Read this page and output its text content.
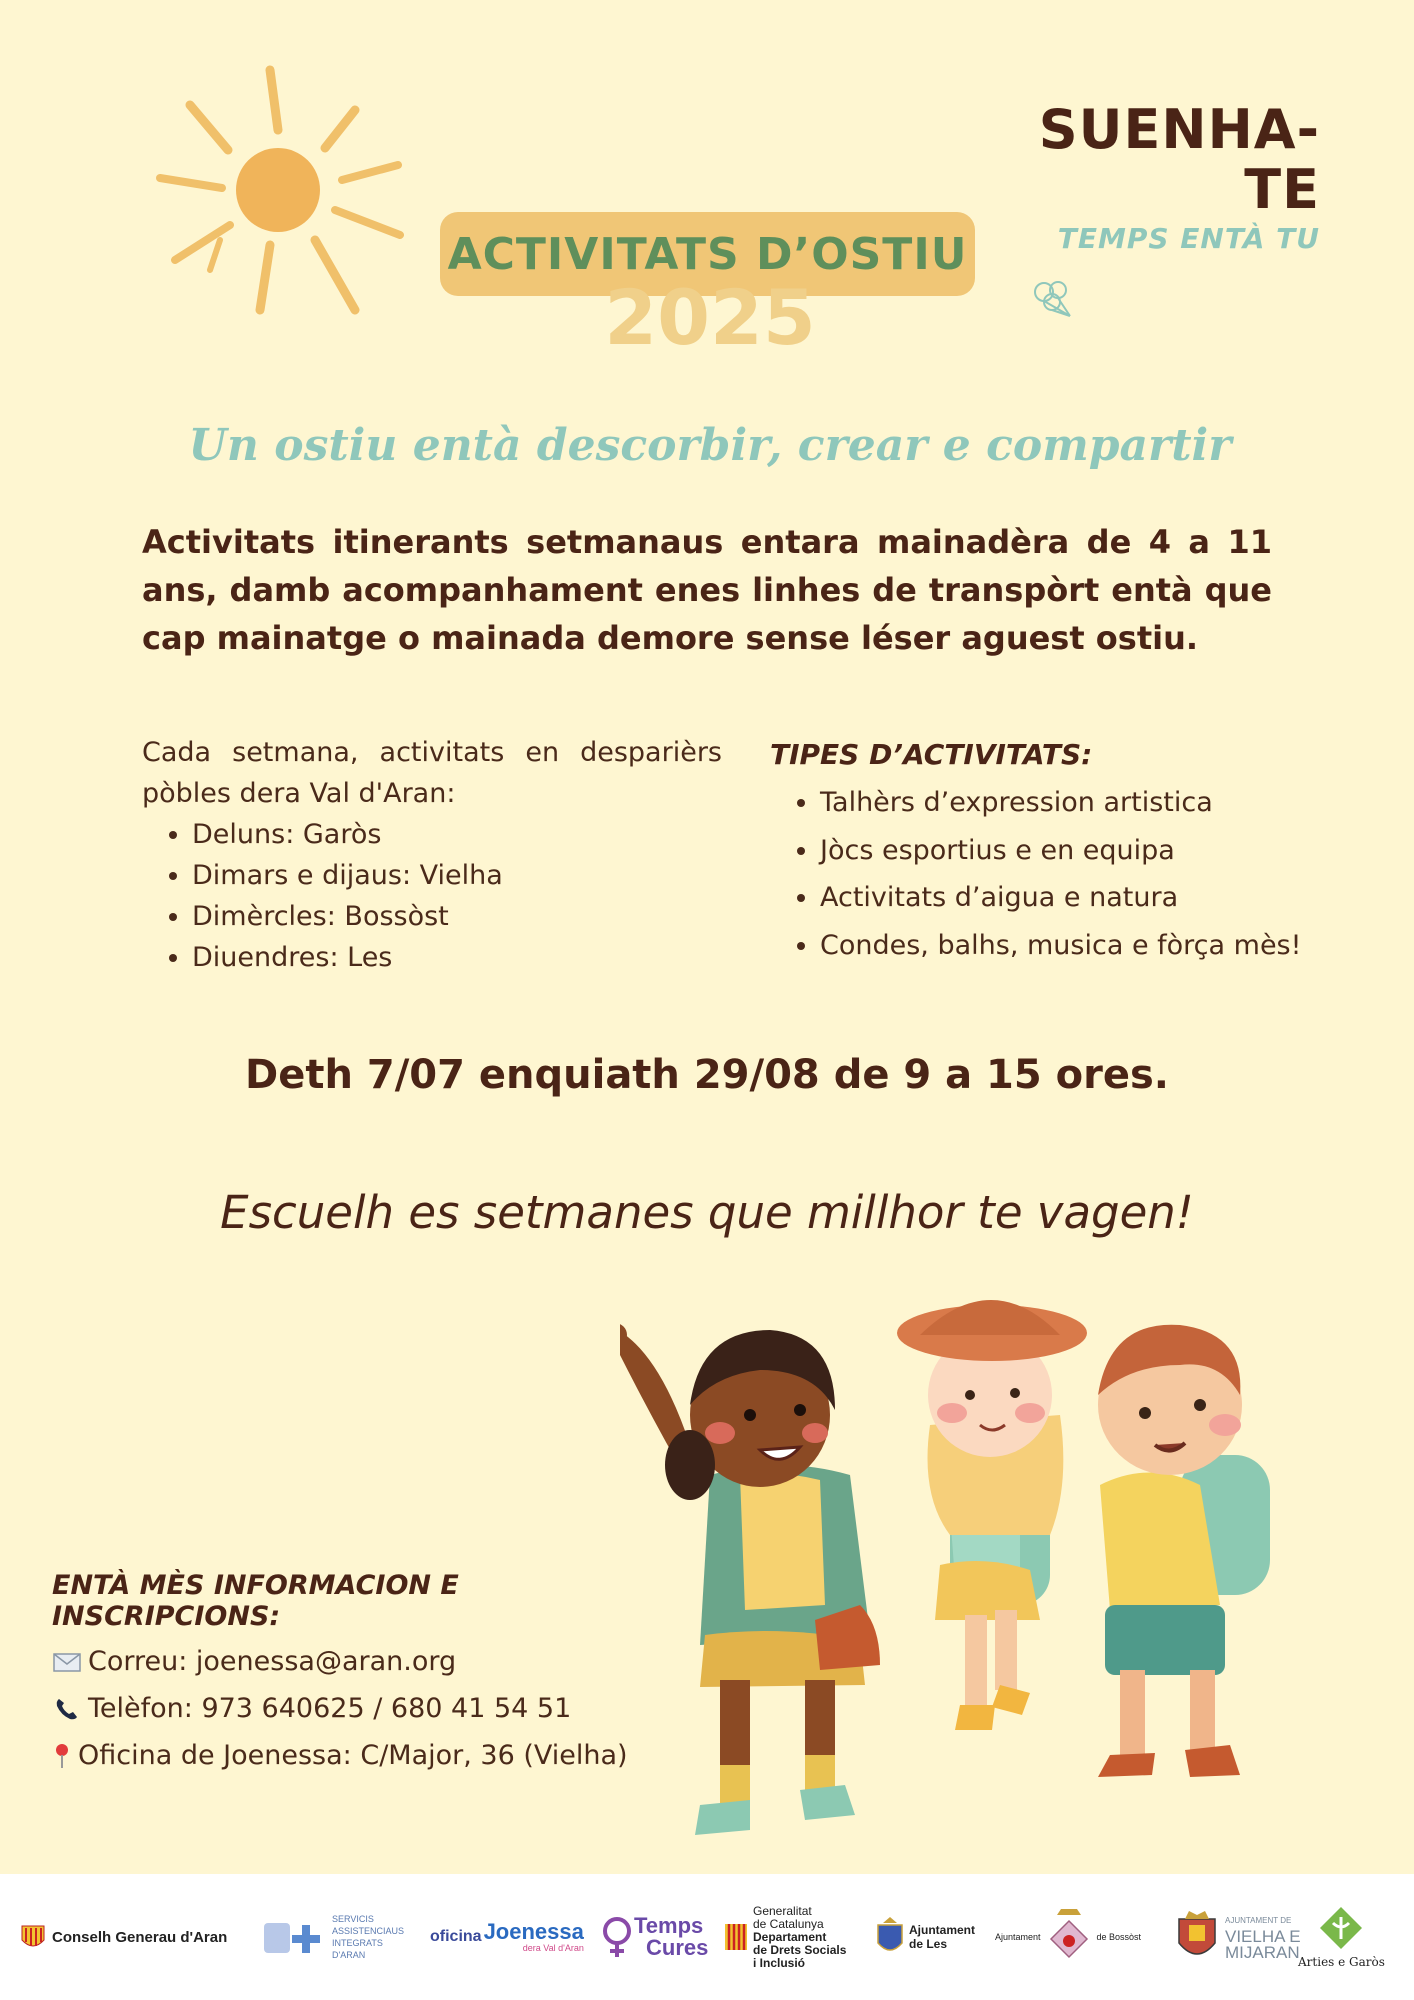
SUENHA-TE
TEMPS ENTÀ TU
ACTIVITATS D’OSTIU
2025
Un ostiu entà descorbir, crear e compartir
Activitats itinerants setmanaus entara mainadèra de 4 a 11 ans, damb acompanhament enes linhes de transpòrt entà que cap mainatge o mainada demore sense léser aguest ostiu.
Cada setmana, activitats en desparièrs pòbles dera Val d'Aran:
• Deluns: Garòs
• Dimars e dijaus: Vielha
• Dimèrcles: Bossòst
• Diuendres: Les
TIPES D’ACTIVITATS:
• Talhèrs d’expression artistica
• Jòcs esportius e en equipa
• Activitats d’aigua e natura
• Condes, balhs, musica e fòrça mès!
Deth 7/07 enquiath 29/08 de 9 a 15 ores.
Escuelh es setmanes que millhor te vagen!
ENTÀ MÈS INFORMACION E INSCRIPCIONS:
Correu: joenessa@aran.org
Telèfon: 973 640625 / 680 41 54 51
Oficina de Joenessa: C/Major, 36 (Vielha)
Conselh Generau d'Aran
SERVICIS ASSISTENCIAUS INTEGRATS D'ARAN
oficina Joenessa
dera Val d'Aran
Temps
Cures
Generalitat
de Catalunya
Departament
de Drets Socials
i Inclusió
Ajuntament
de Les	Ajuntament	de Bossòst
AJUNTAMENT DE
VIELHA E
MIJARAN
Arties e Garòs
